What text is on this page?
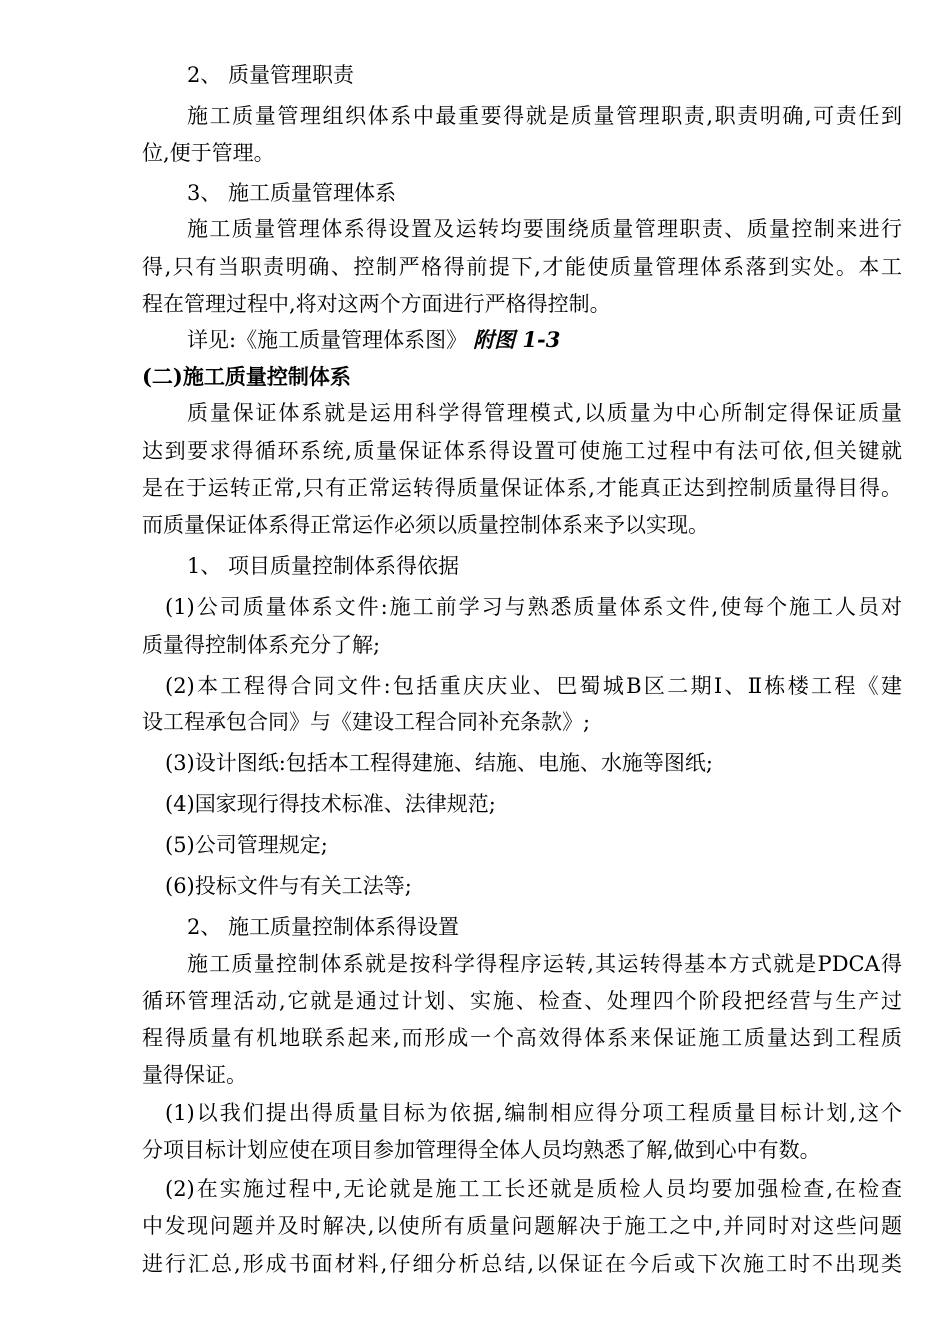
2、 质量管理职责
施工质量管理组织体系中最重要得就是质量管理职责,职责明确,可责任到
位,便于管理。
3、 施工质量管理体系
施工质量管理体系得设置及运转均要围绕质量管理职责、质量控制来进行
得,只有当职责明确、控制严格得前提下,才能使质量管理体系落到实处。本工
程在管理过程中,将对这两个方面进行严格得控制。
详见:《施工质量管理体系图》 附图 1-3
(二)施工质量控制体系
质量保证体系就是运用科学得管理模式,以质量为中心所制定得保证质量
达到要求得循环系统,质量保证体系得设置可使施工过程中有法可依,但关键就
是在于运转正常,只有正常运转得质量保证体系,才能真正达到控制质量得目得。
而质量保证体系得正常运作必须以质量控制体系来予以实现。
1、 项目质量控制体系得依据
(1)公司质量体系文件:施工前学习与熟悉质量体系文件,使每个施工人员对
质量得控制体系充分了解;
(2)本工程得合同文件:包括重庆庆业、巴蜀城B区二期Ⅰ、Ⅱ栋楼工程《建
设工程承包合同》与《建设工程合同补充条款》;
(3)设计图纸:包括本工程得建施、结施、电施、水施等图纸;
(4)国家现行得技术标准、法律规范;
(5)公司管理规定;
(6)投标文件与有关工法等;
2、 施工质量控制体系得设置
施工质量控制体系就是按科学得程序运转,其运转得基本方式就是PDCA得
循环管理活动,它就是通过计划、实施、检查、处理四个阶段把经营与生产过
程得质量有机地联系起来,而形成一个高效得体系来保证施工质量达到工程质
量得保证。
(1)以我们提出得质量目标为依据,编制相应得分项工程质量目标计划,这个
分项目标计划应使在项目参加管理得全体人员均熟悉了解,做到心中有数。
(2)在实施过程中,无论就是施工工长还就是质检人员均要加强检查,在检查
中发现问题并及时解决,以使所有质量问题解决于施工之中,并同时对这些问题
进行汇总,形成书面材料,仔细分析总结,以保证在今后或下次施工时不出现类
